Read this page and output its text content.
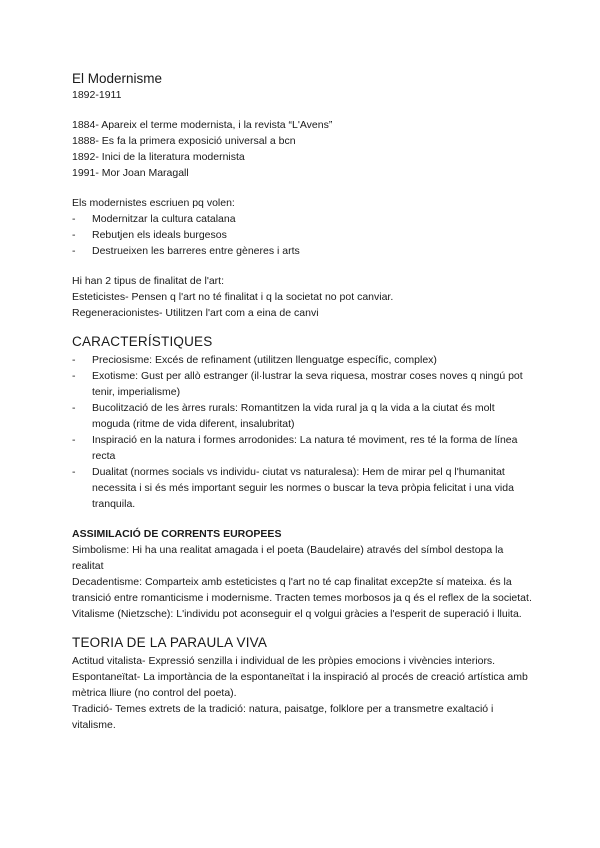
El Modernisme
1892-1911
1884- Apareix el terme modernista, i la revista “L'Avens”
1888- Es fa la primera exposició universal a bcn
1892- Inici de la literatura modernista
1991- Mor Joan Maragall
Els modernistes escriuen pq volen:
- Modernitzar la cultura catalana
- Rebutjen els ideals burgesos
- Destrueixen les barreres entre gèneres i arts
Hi han 2 tipus de finalitat de l'art:
Esteticistes- Pensen q l'art no té finalitat i q la societat no pot canviar.
Regeneracionistes- Utilitzen l'art com a eina de canvi
CARACTERÍSTIQUES
- Preciosisme: Excés de refinament (utilitzen llenguatge específic, complex)
- Exotisme: Gust per allò estranger (il·lustrar la seva riquesa, mostrar coses noves q ningú pot tenir, imperialisme)
- Bucolització de les àrres rurals: Romantitzen la vida rural ja q la vida a la ciutat és molt moguda (ritme de vida diferent, insalubritat)
- Inspiració en la natura i formes arrodonides: La natura té moviment, res té la forma de línea recta
- Dualitat (normes socials vs individu- ciutat vs naturalesa): Hem de mirar pel q l'humanitat necessita i si és més important seguir les normes o buscar la teva pròpia felicitat i una vida tranquila.
ASSIMILACIÓ DE CORRENTS EUROPEES
Simbolisme: Hi ha una realitat amagada i el poeta (Baudelaire) através del símbol destopa la realitat
Decadentisme: Comparteix amb esteticistes q l'art no té cap finalitat excep2te sí mateixa. és la transició entre romanticisme i modernisme. Tracten temes morbosos ja q és el reflex de la societat.
Vitalisme (Nietzsche): L'individu pot aconseguir el q volgui gràcies a l'esperit de superació i lluita.
TEORIA DE LA PARAULA VIVA
Actitud vitalista- Expressió senzilla i individual de les pròpies emocions i vivències interiors.
Espontaneïtat- La importància de la espontaneïtat i la inspiració al procés de creació artística amb mètrica lliure (no control del poeta).
Tradició- Temes extrets de la tradició: natura, paisatge, folklore per a transmetre exaltació i vitalisme.
